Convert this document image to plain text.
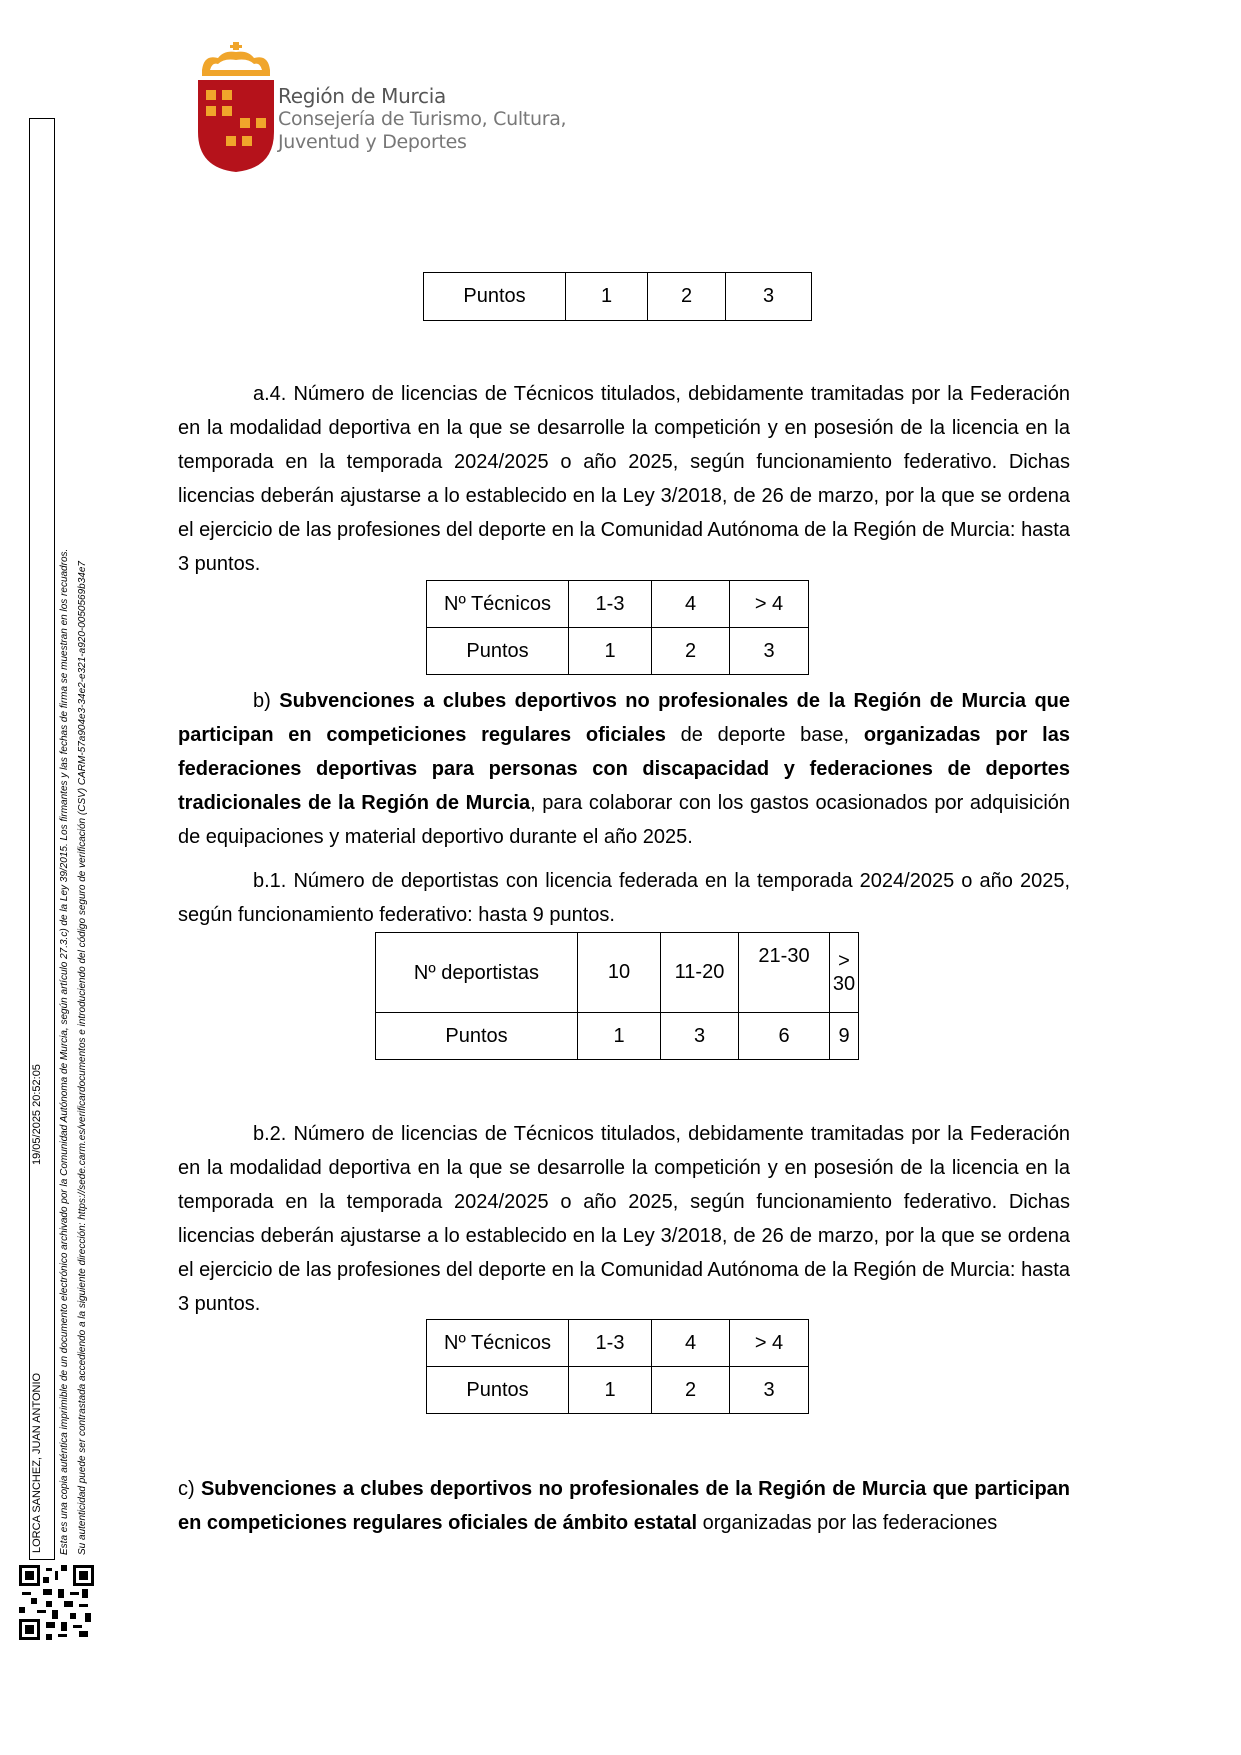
Región de Murcia
Consejería de Turismo, Cultura,
Juventud y Deportes
LORCA SANCHEZ, JUAN ANTONIO
19/05/2025 20:52:05 Esta es una copia auténtica imprimible de un documento electrónico archivado por la Comunidad Autónoma de Murcia, según artículo 27.3.c) de la Ley 39/2015. Los firmantes y las fechas de firma se muestran en los recuadros. Su autenticidad puede ser contrastada accediendo a la siguiente dirección: https://sede.carm.es/verificardocumentos e introduciendo del código seguro de verificación (CSV) CARM-57a904e3-34e2-e321-a920-0050569b34e7
Puntos	1	2	3
a.4. Número de licencias de Técnicos titulados, debidamente tramitadas por la Federación en la modalidad deportiva en la que se desarrolle la competición y en posesión de la licencia en la temporada en la temporada 2024/2025 o año 2025, según funcionamiento federativo. Dichas licencias deberán ajustarse a lo establecido en la Ley 3/2018, de 26 de marzo, por la que se ordena el ejercicio de las profesiones del deporte en la Comunidad Autónoma de la Región de Murcia: hasta 3 puntos.
Nº Técnicos	1-3	4	> 4
Puntos	1	2	3
b) Subvenciones a clubes deportivos no profesionales de la Región de Murcia que participan en competiciones regulares oficiales de deporte base, organizadas por las federaciones deportivas para personas con discapacidad y federaciones de deportes tradicionales de la Región de Murcia, para colaborar con los gastos ocasionados por adquisición de equipaciones y material deportivo durante el año 2025.
b.1. Número de deportistas con licencia federada en la temporada 2024/2025 o año 2025, según funcionamiento federativo: hasta 9 puntos.
Nº deportistas	10	11-20	21-30	> 30
Puntos	1	3	6	9
b.2. Número de licencias de Técnicos titulados, debidamente tramitadas por la Federación en la modalidad deportiva en la que se desarrolle la competición y en posesión de la licencia en la temporada en la temporada 2024/2025 o año 2025, según funcionamiento federativo. Dichas licencias deberán ajustarse a lo establecido en la Ley 3/2018, de 26 de marzo, por la que se ordena el ejercicio de las profesiones del deporte en la Comunidad Autónoma de la Región de Murcia: hasta 3 puntos.
Nº Técnicos	1-3	4	> 4
Puntos	1	2	3
c) Subvenciones a clubes deportivos no profesionales de la Región de Murcia que participan en competiciones regulares oficiales de ámbito estatal organizadas por las federaciones
